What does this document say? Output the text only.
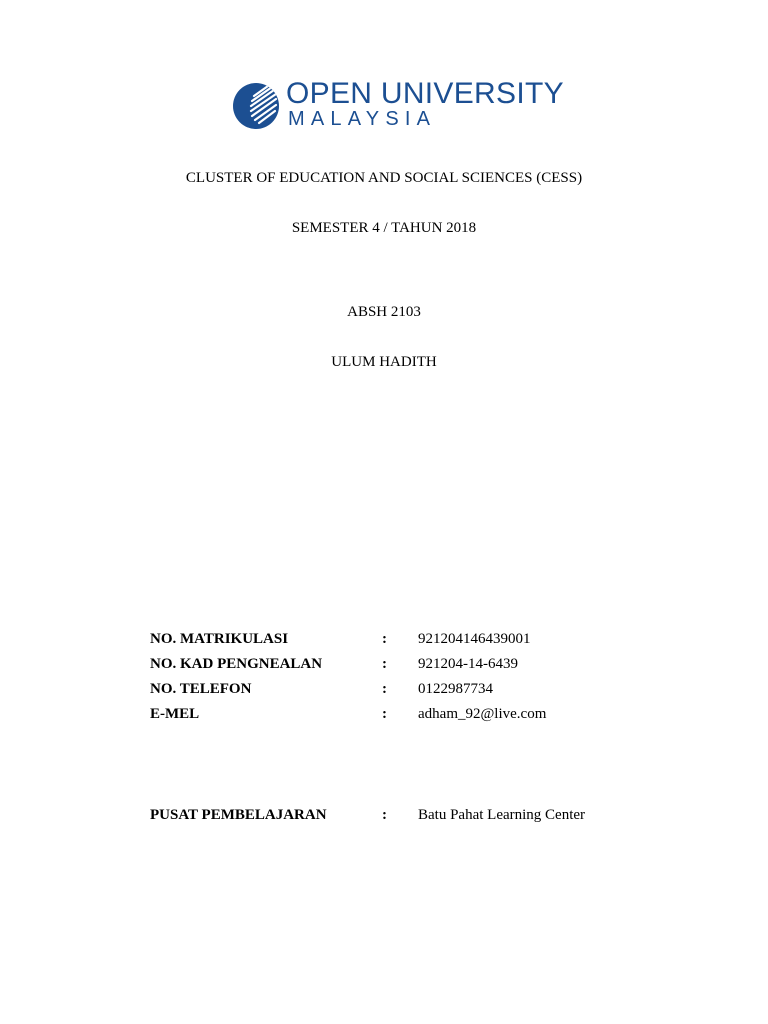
OPEN UNIVERSITY
MALAYSIA
CLUSTER OF EDUCATION AND SOCIAL SCIENCES (CESS)
SEMESTER 4 / TAHUN 2018
ABSH 2103
ULUM HADITH
NO. MATRIKULASI	: 921204146439001
NO. KAD PENGNEALAN	: 921204-14-6439
NO. TELEFON	: 0122987734
E-MEL	: adham_92@live.com
PUSAT PEMBELAJARAN	: Batu Pahat Learning Center
